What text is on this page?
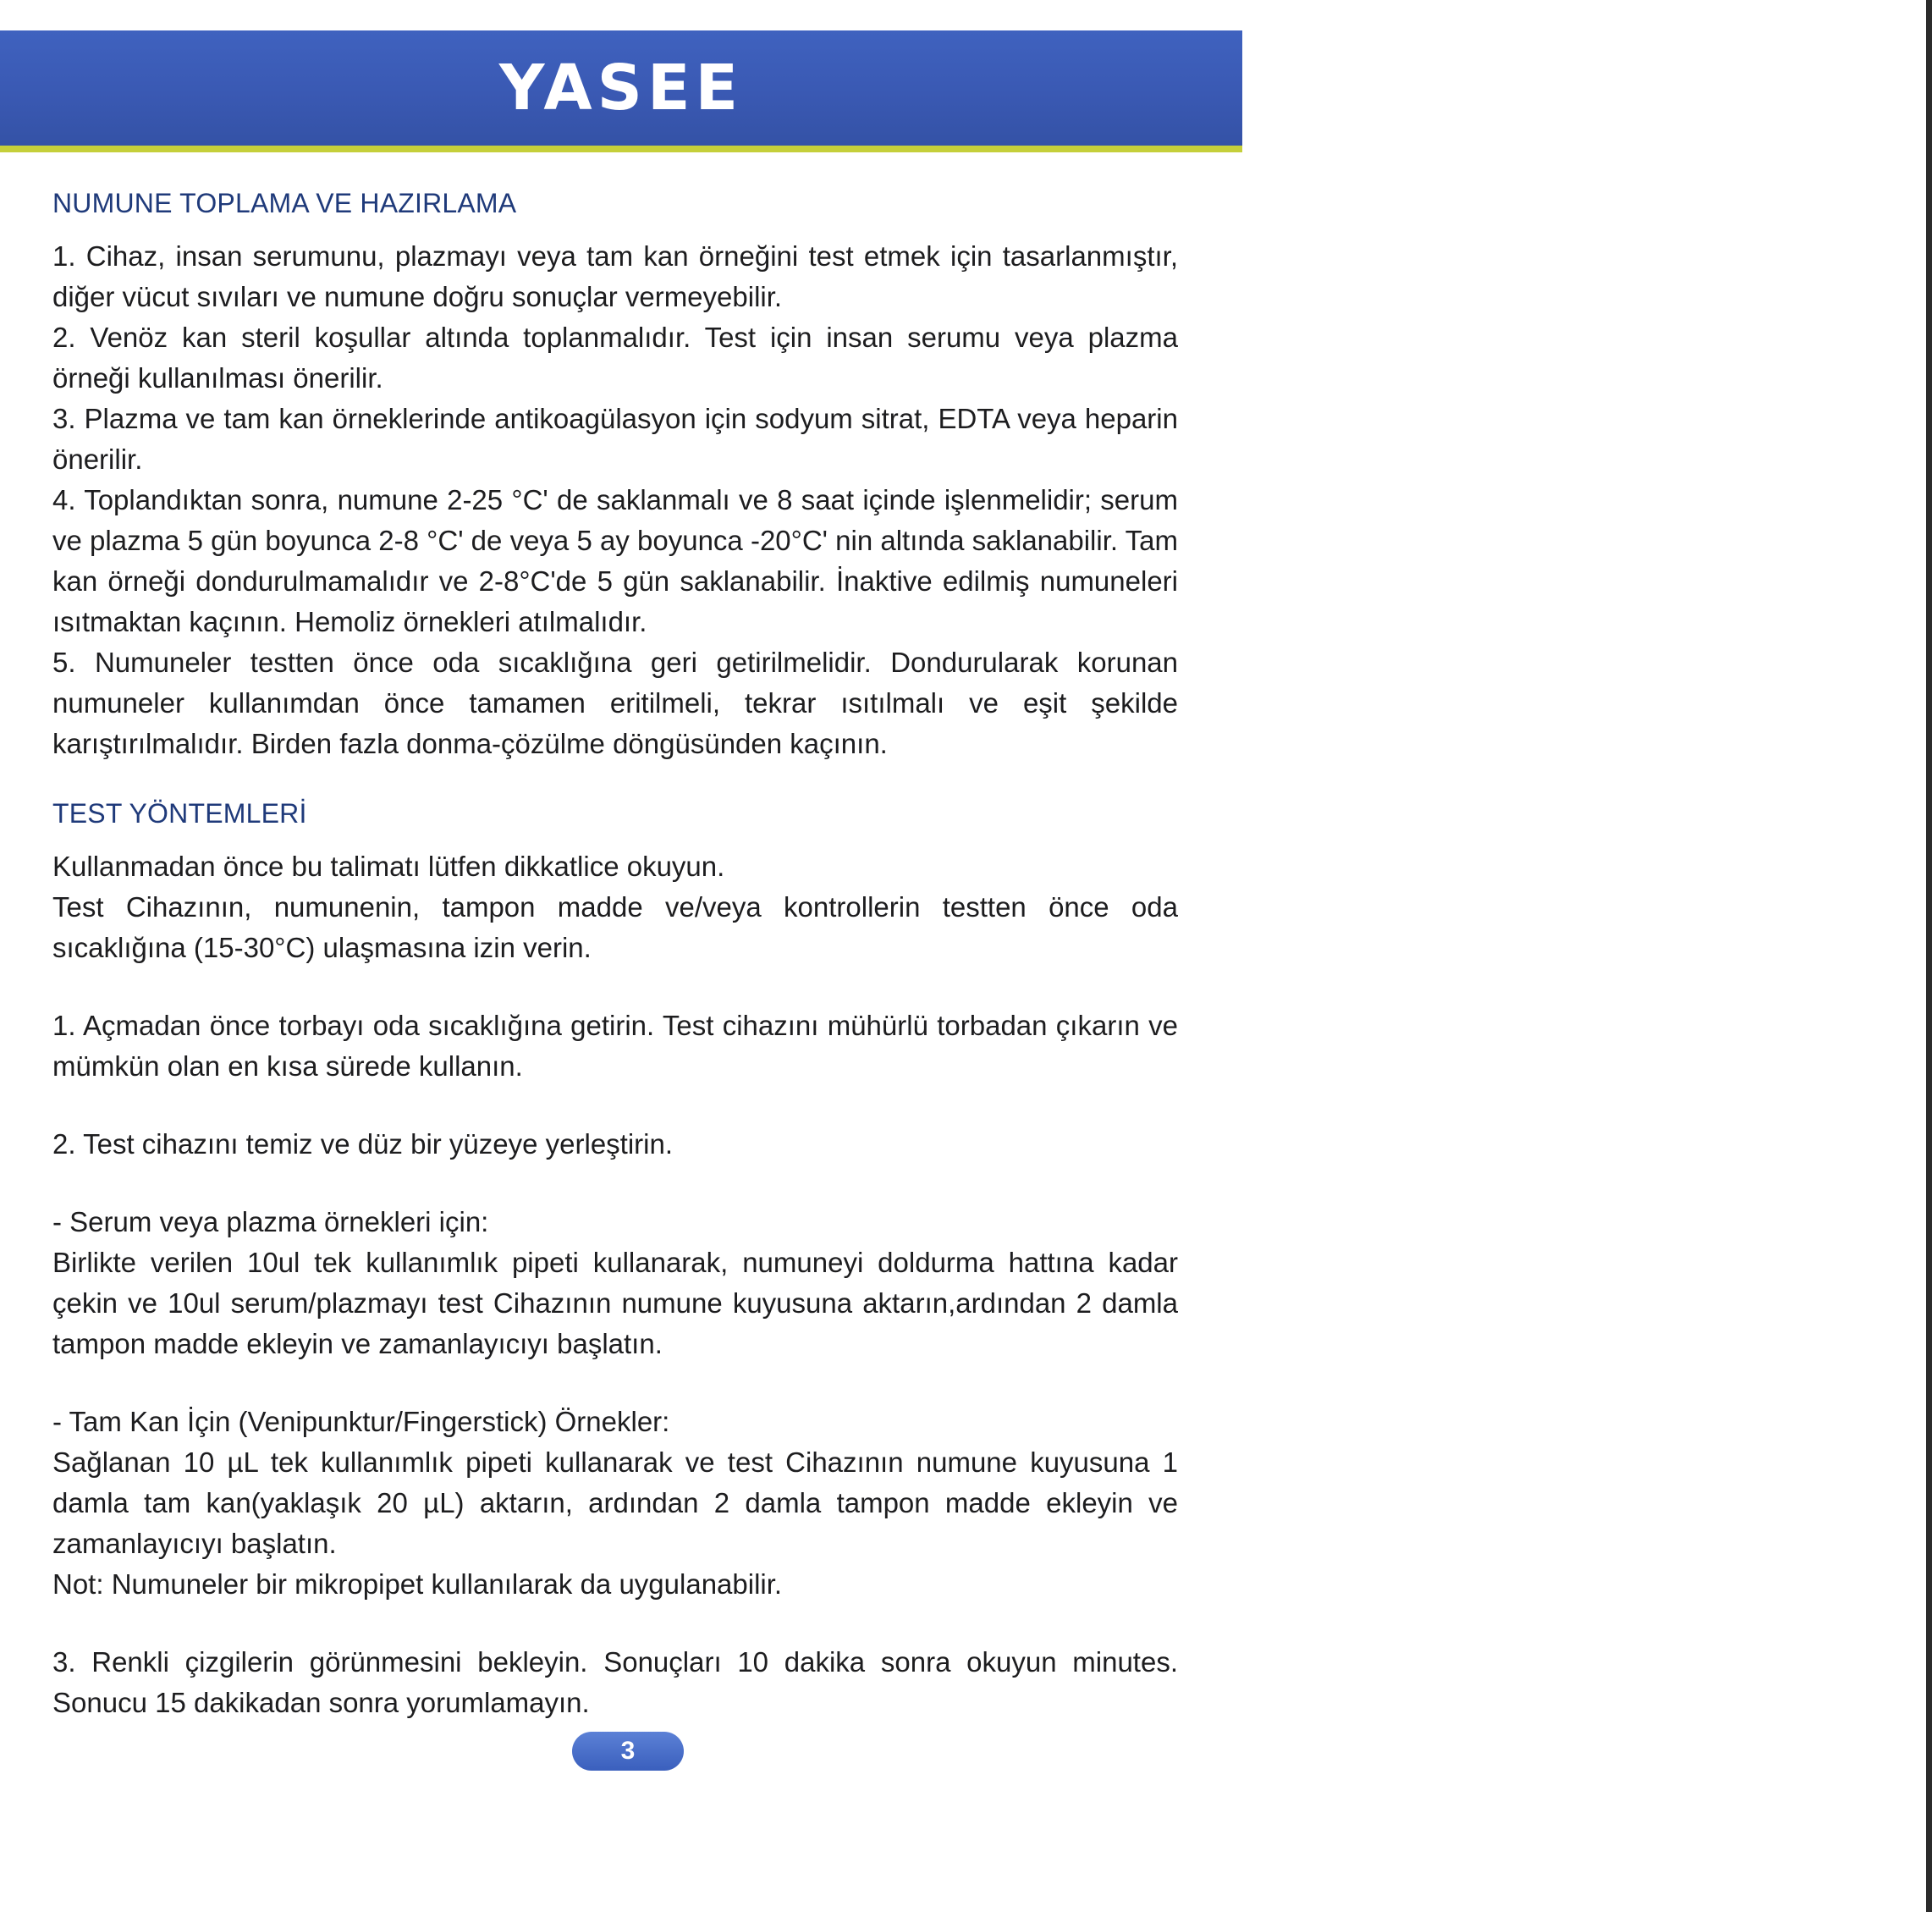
YASEE
NUMUNE TOPLAMA VE HAZIRLAMA

1. Cihaz, insan serumunu, plazmayı veya tam kan örneğini test etmek için tasarlanmıştır, diğer vücut sıvıları ve numune doğru sonuçlar vermeyebilir.

2. Venöz kan steril koşullar altında toplanmalıdır. Test için insan serumu veya plazma örneği kullanılması önerilir.

3. Plazma ve tam kan örneklerinde antikoagülasyon için sodyum sitrat, EDTA veya heparin önerilir.

4. Toplandıktan sonra, numune 2-25 °C' de saklanmalı ve 8 saat içinde işlenmelidir; serum ve plazma 5 gün boyunca 2-8 °C' de veya 5 ay boyunca -20°C' nin altında saklanabilir. Tam kan örneği dondurulmamalıdır ve 2-8°C'de 5 gün saklanabilir. İnaktive edilmiş numuneleri ısıtmaktan kaçının. Hemoliz örnekleri atılmalıdır.

5. Numuneler testten önce oda sıcaklığına geri getirilmelidir. Dondurularak korunan numuneler kullanımdan önce tamamen eritilmeli, tekrar ısıtılmalı ve eşit şekilde karıştırılmalıdır. Birden fazla donma-çözülme döngüsünden kaçının.

TEST YÖNTEMLERİ

Kullanmadan önce bu talimatı lütfen dikkatlice okuyun.

Test Cihazının, numunenin, tampon madde ve/veya kontrollerin testten önce oda sıcaklığına (15-30°C) ulaşmasına izin verin.

1. Açmadan önce torbayı oda sıcaklığına getirin. Test cihazını mühürlü torbadan çıkarın ve mümkün olan en kısa sürede kullanın.

2. Test cihazını temiz ve düz bir yüzeye yerleştirin.

- Serum veya plazma örnekleri için:

Birlikte verilen 10ul tek kullanımlık pipeti kullanarak, numuneyi doldurma hattına kadar çekin ve 10ul serum/plazmayı test Cihazının numune kuyusuna aktarın,ardından 2 damla tampon madde ekleyin ve zamanlayıcıyı başlatın.

- Tam Kan İçin (Venipunktur/Fingerstick) Örnekler:

Sağlanan 10 µL tek kullanımlık pipeti kullanarak ve test Cihazının numune kuyusuna 1 damla tam kan(yaklaşık 20 µL) aktarın, ardından 2 damla tampon madde ekleyin ve zamanlayıcıyı başlatın.

Not: Numuneler bir mikropipet kullanılarak da uygulanabilir.

3. Renkli çizgilerin görünmesini bekleyin. Sonuçları 10 dakika sonra okuyun minutes. Sonucu 15 dakikadan sonra yorumlamayın.

3
